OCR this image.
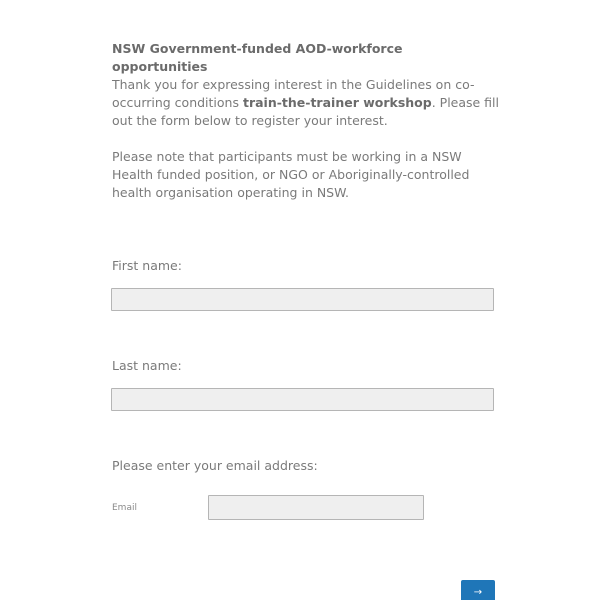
NSW Government-funded AOD-workforce opportunities

Thank you for expressing interest in the Guidelines on co-occurring conditions train-the-trainer workshop. Please fill out the form below to register your interest.

Please note that participants must be working in a NSW Health funded position, or NGO or Aboriginally-controlled health organisation operating in NSW.

First name:
Last name:
Please enter your email address:
Email
→
